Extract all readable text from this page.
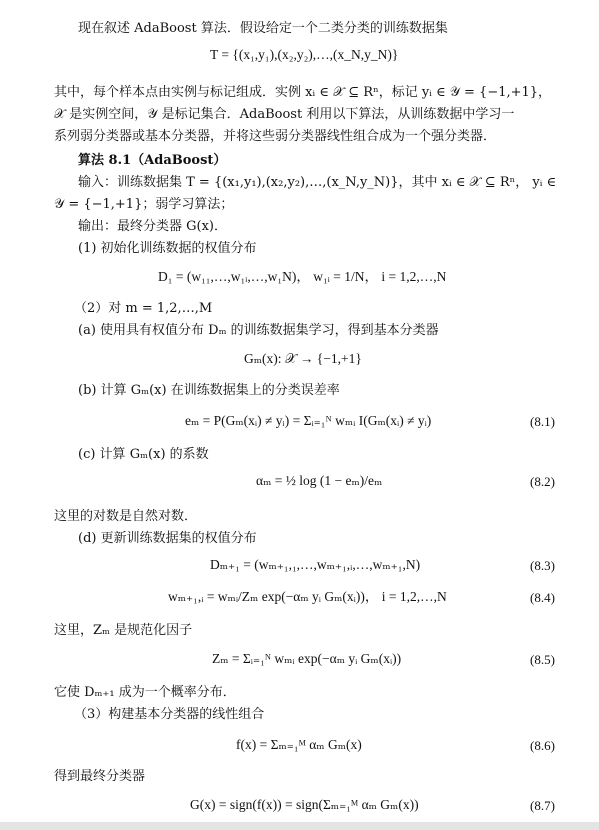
现在叙述 AdaBoost 算法．假设给定一个二类分类的训练数据集
T = {(x₁,y₁),(x₂,y₂),…,(x_N,y_N)}
其中，每个样本点由实例与标记组成．实例 xᵢ ∈ 𝒳 ⊆ Rⁿ，标记 yᵢ ∈ 𝒴 = {−1,+1}，
𝒳 是实例空间，𝒴 是标记集合．AdaBoost 利用以下算法，从训练数据中学习一
系列弱分类器或基本分类器，并将这些弱分类器线性组合成为一个强分类器．
算法 8.1（AdaBoost）
输入：训练数据集 T = {(x₁,y₁),(x₂,y₂),…,(x_N,y_N)}，其中 xᵢ ∈ 𝒳 ⊆ Rⁿ， yᵢ ∈
𝒴 = {−1,+1}；弱学习算法；
输出：最终分类器 G(x)．
(1) 初始化训练数据的权值分布
D₁ = (w₁₁,…,w₁ᵢ,…,w₁N)， w₁ᵢ = 1/N， i = 1,2,…,N
（2）对 m = 1,2,…,M
(a) 使用具有权值分布 Dₘ 的训练数据集学习，得到基本分类器
Gₘ(x): 𝒳 → {−1,+1}
(b) 计算 Gₘ(x) 在训练数据集上的分类误差率
eₘ = P(Gₘ(xᵢ) ≠ yᵢ) = Σᵢ₌₁ᴺ wₘᵢ I(Gₘ(xᵢ) ≠ yᵢ)	(8.1)
(c) 计算 Gₘ(x) 的系数
αₘ = ½ log (1 − eₘ)/eₘ	(8.2)
这里的对数是自然对数．
(d) 更新训练数据集的权值分布
Dₘ₊₁ = (wₘ₊₁,₁,…,wₘ₊₁,ᵢ,…,wₘ₊₁,N)	(8.3)
wₘ₊₁,ᵢ = wₘᵢ/Zₘ exp(−αₘ yᵢ Gₘ(xᵢ))， i = 1,2,…,N	(8.4)
这里，Zₘ 是规范化因子
Zₘ = Σᵢ₌₁ᴺ wₘᵢ exp(−αₘ yᵢ Gₘ(xᵢ))	(8.5)
它使 Dₘ₊₁ 成为一个概率分布．
（3）构建基本分类器的线性组合
f(x) = Σₘ₌₁ᴹ αₘ Gₘ(x)	(8.6)
得到最终分类器
G(x) = sign(f(x)) = sign(Σₘ₌₁ᴹ αₘ Gₘ(x))	(8.7)
